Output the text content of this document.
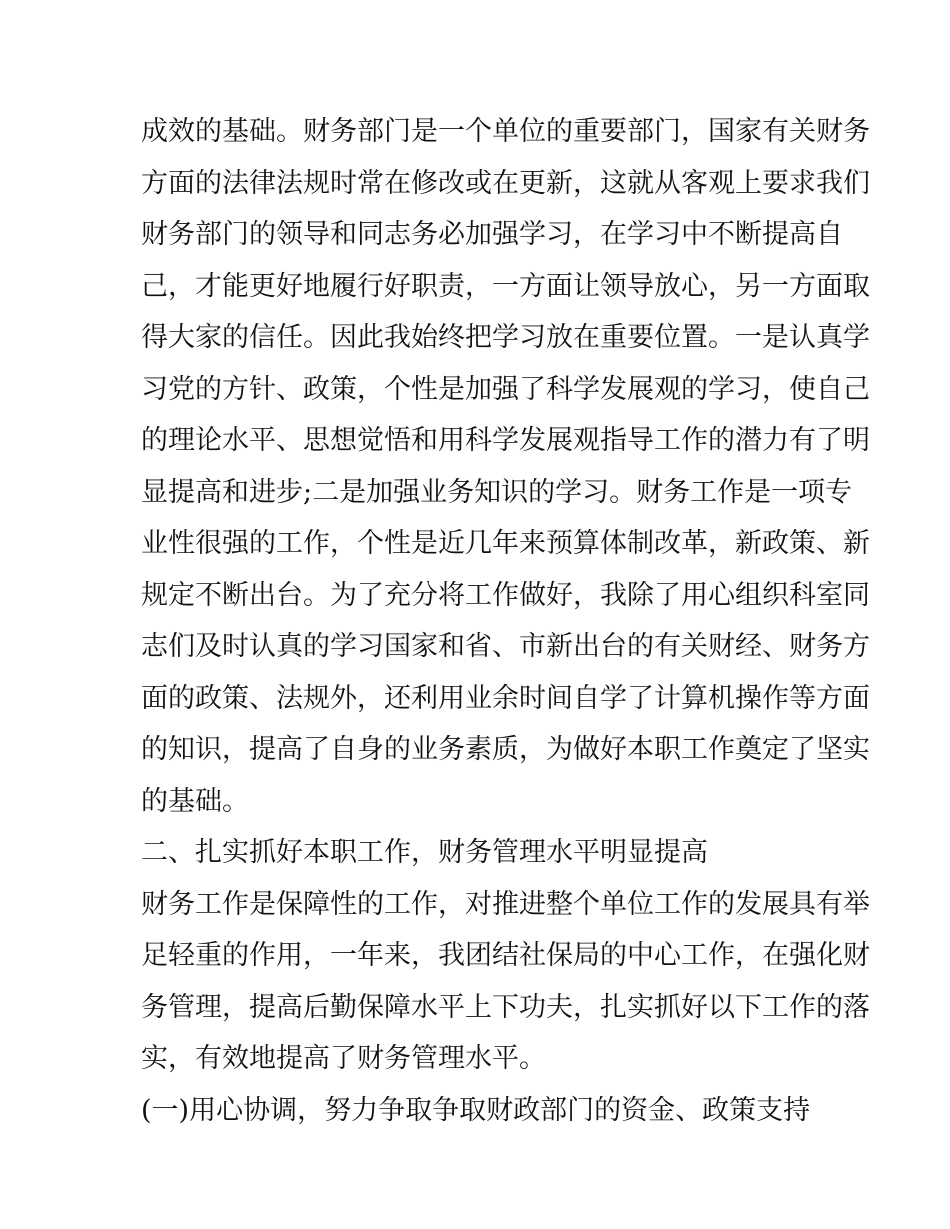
成效的基础。财务部门是一个单位的重要部门，国家有关财务
方面的法律法规时常在修改或在更新，这就从客观上要求我们
财务部门的领导和同志务必加强学习，在学习中不断提高自
己，才能更好地履行好职责，一方面让领导放心，另一方面取
得大家的信任。因此我始终把学习放在重要位置。一是认真学
习党的方针、政策，个性是加强了科学发展观的学习，使自己
的理论水平、思想觉悟和用科学发展观指导工作的潜力有了明
显提高和进步;二是加强业务知识的学习。财务工作是一项专
业性很强的工作，个性是近几年来预算体制改革，新政策、新
规定不断出台。为了充分将工作做好，我除了用心组织科室同
志们及时认真的学习国家和省、市新出台的有关财经、财务方
面的政策、法规外，还利用业余时间自学了计算机操作等方面
的知识，提高了自身的业务素质，为做好本职工作奠定了坚实
的基础。
二、扎实抓好本职工作，财务管理水平明显提高
财务工作是保障性的工作，对推进整个单位工作的发展具有举
足轻重的作用，一年来，我团结社保局的中心工作，在强化财
务管理，提高后勤保障水平上下功夫，扎实抓好以下工作的落
实，有效地提高了财务管理水平。
(一)用心协调，努力争取争取财政部门的资金、政策支持
